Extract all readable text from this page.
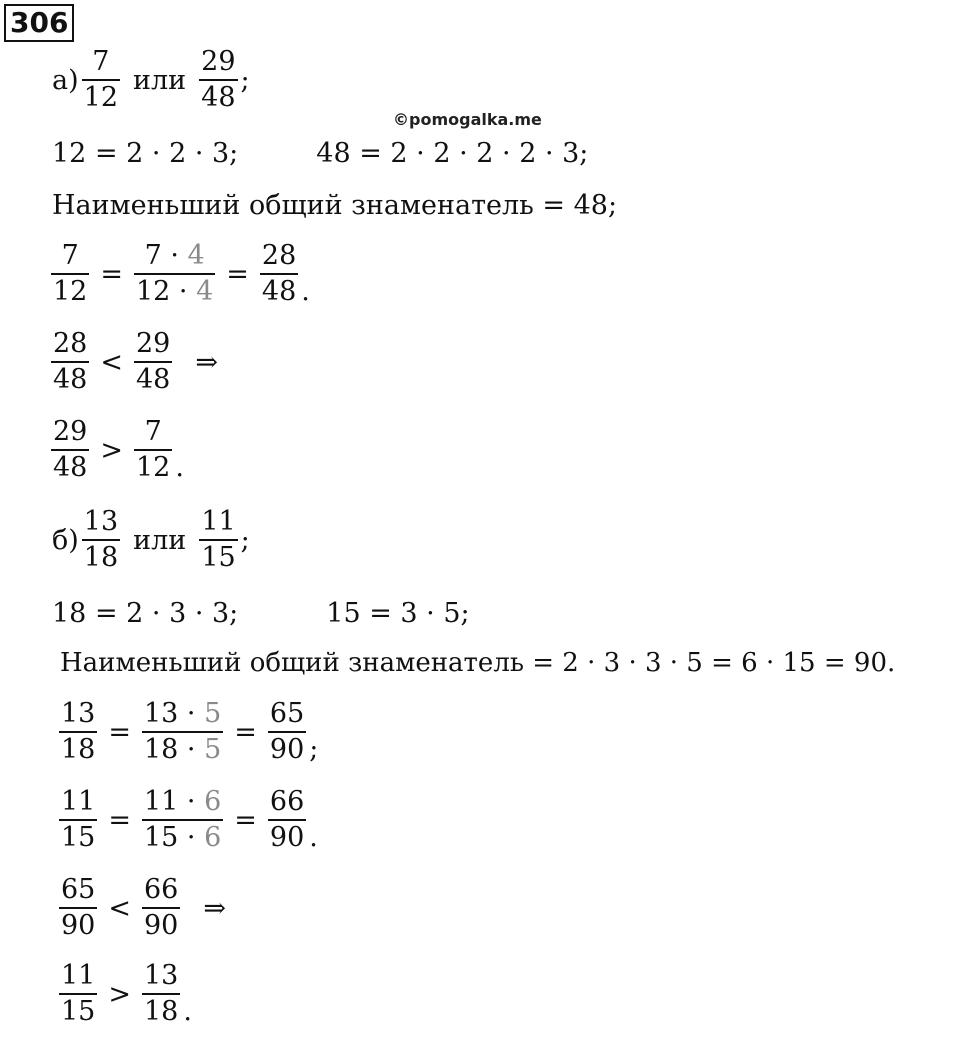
306
©pomogalka.me
$а) \frac{7}{12}$ или $\frac{29}{48}$ ;
12 = 2 · 2 · 3;	48 = 2 · 2 · 2 · 2 · 3;
Наименьший общий знаменатель = 48;
$\frac{7}{12} = \frac{7 \cdot 4}{12 \cdot 4} = \frac{28}{48}$ .
$\frac{28}{48} < \frac{29}{48}$ ⇒
$\frac{29}{48} > \frac{7}{12}$ .
$б) \frac{13}{18}$ или $\frac{11}{15}$ ;
18 = 2 · 3 · 3;	15 = 3 · 5;
Наименьший общий знаменатель = 2 · 3 · 3 · 5 = 6 · 15 = 90.
$\frac{13}{18} = \frac{13 \cdot 5}{18 \cdot 5} = \frac{65}{90}$ ;
$\frac{11}{15} = \frac{11 \cdot 6}{15 \cdot 6} = \frac{66}{90}$ .
$\frac{65}{90} < \frac{66}{90}$ ⇒
$\frac{11}{15} > \frac{13}{18}$ .
